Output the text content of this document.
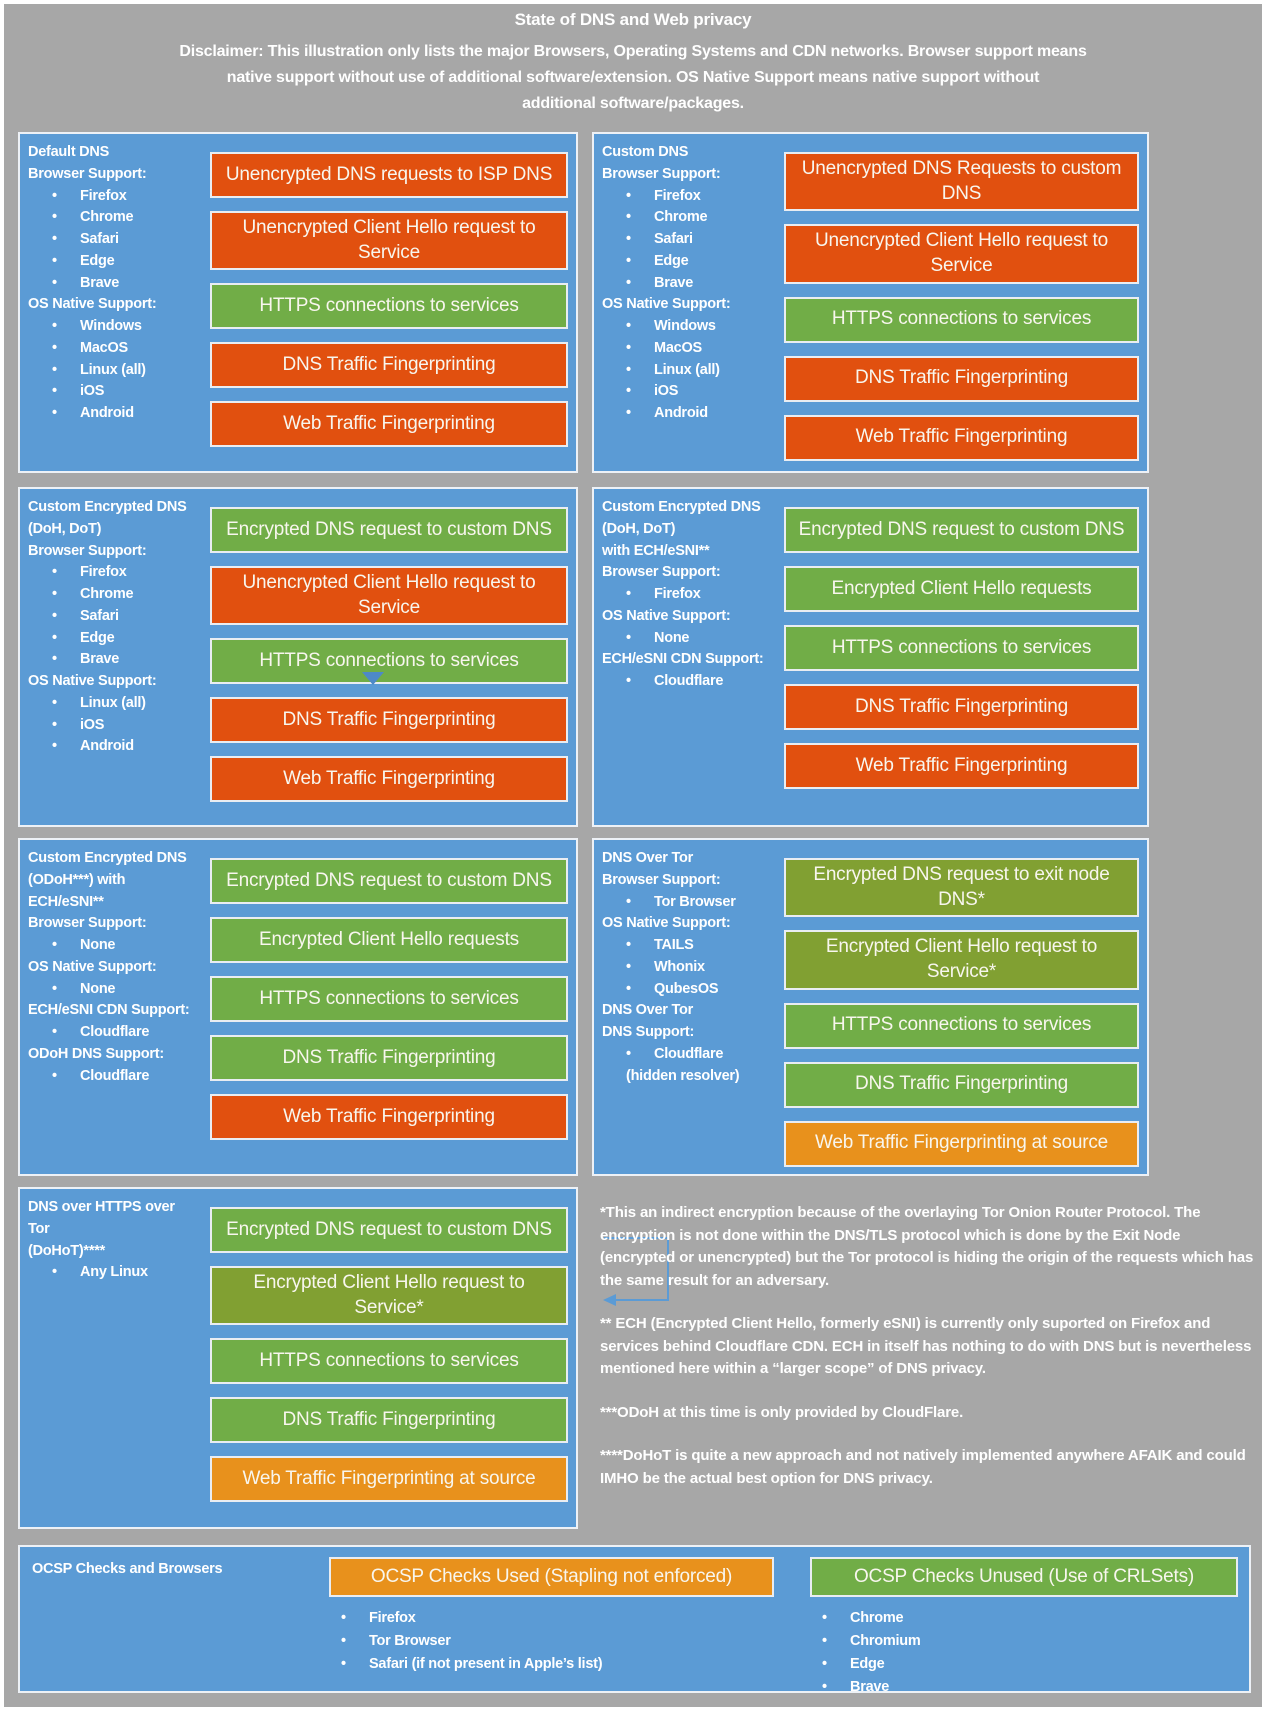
State of DNS and Web privacy
Disclaimer: This illustration only lists the major Browsers, Operating Systems and CDN networks. Browser support means
native support without use of additional software/extension. OS Native Support means native support without
additional software/packages.
Default DNS
Browser Support:
•	Firefox
•	Chrome
•	Safari
•	Edge
•	Brave
OS Native Support:
•	Windows
•	MacOS
•	Linux (all)
•	iOS
•	Android
Unencrypted DNS requests to ISP DNS
Unencrypted Client Hello request to Service
HTTPS connections to services
DNS Traffic Fingerprinting
Web Traffic Fingerprinting
Custom DNS
Browser Support:
•	Firefox
•	Chrome
•	Safari
•	Edge
•	Brave
OS Native Support:
•	Windows
•	MacOS
•	Linux (all)
•	iOS
•	Android
Unencrypted DNS Requests to custom DNS
Unencrypted Client Hello request to Service
HTTPS connections to services
DNS Traffic Fingerprinting
Web Traffic Fingerprinting
Custom Encrypted DNS
(DoH, DoT)
Browser Support:
•	Firefox
•	Chrome
•	Safari
•	Edge
•	Brave
OS Native Support:
•	Linux (all)
•	iOS
•	Android
Encrypted DNS request to custom DNS
Unencrypted Client Hello request to Service
HTTPS connections to services
DNS Traffic Fingerprinting
Web Traffic Fingerprinting
Custom Encrypted DNS
(DoH, DoT)
with ECH/eSNI**
Browser Support:
•	Firefox
OS Native Support:
•	None
ECH/eSNI CDN Support:
•	Cloudflare
Encrypted DNS request to custom DNS
Encrypted Client Hello requests
HTTPS connections to services
DNS Traffic Fingerprinting
Web Traffic Fingerprinting
Custom Encrypted DNS
(ODoH***) with
ECH/eSNI**
Browser Support:
•	None
OS Native Support:
•	None
ECH/eSNI CDN Support:
•	Cloudflare
ODoH DNS Support:
•	Cloudflare
Encrypted DNS request to custom DNS
Encrypted Client Hello requests
HTTPS connections to services
DNS Traffic Fingerprinting
Web Traffic Fingerprinting
DNS Over Tor
Browser Support:
•	Tor Browser
OS Native Support:
•	TAILS
•	Whonix
•	QubesOS
DNS Over Tor
DNS Support:
•	Cloudflare
(hidden resolver)
Encrypted DNS request to exit node DNS*
Encrypted Client Hello request to Service*
HTTPS connections to services
DNS Traffic Fingerprinting
Web Traffic Fingerprinting at source
DNS over HTTPS over Tor
(DoHoT)****
•	Any Linux
Encrypted DNS request to custom DNS
Encrypted Client Hello request to Service*
HTTPS connections to services
DNS Traffic Fingerprinting
Web Traffic Fingerprinting at source

*This an indirect encryption because of the overlaying Tor Onion Router Protocol. The encryption is not done within the DNS/TLS protocol which is done by the Exit Node (encrypted or unencrypted) but the Tor protocol is hiding the origin of the requests which has the same result for an adversary.

** ECH (Encrypted Client Hello, formerly eSNI) is currently only suported on Firefox and services behind Cloudflare CDN. ECH in itself has nothing to do with DNS but is nevertheless mentioned here within a “larger scope” of DNS privacy.

***ODoH at this time is only provided by CloudFlare.

****DoHoT is quite a new approach and not natively implemented anywhere AFAIK and could IMHO be the actual best option for DNS privacy.

OCSP Checks and Browsers	OCSP Checks Used (Stapling not enforced)
•	Firefox
•	Tor Browser
•	Safari (if not present in Apple’s list)
OCSP Checks Unused (Use of CRLSets)
•	Chrome
•	Chromium
•	Edge
•	Brave
